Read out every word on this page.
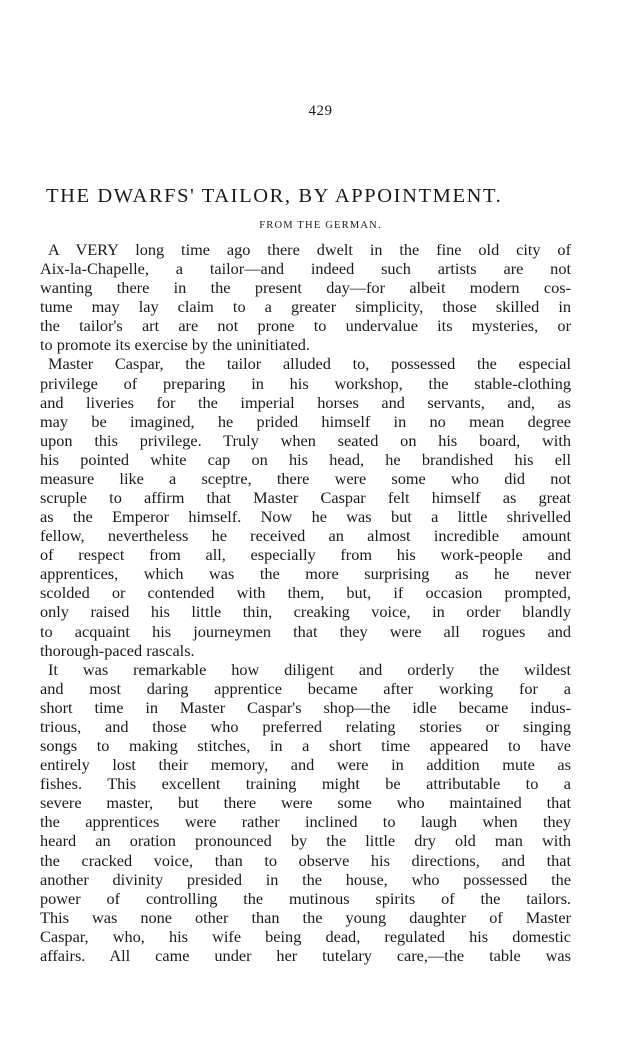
429
THE DWARFS' TAILOR, BY APPOINTMENT.
FROM THE GERMAN.
A VERY long time ago there dwelt in the fine old city of
Aix-la-Chapelle, a tailor—and indeed such artists are not
wanting there in the present day—for albeit modern cos-
tume may lay claim to a greater simplicity, those skilled in
the tailor's art are not prone to undervalue its mysteries, or
to promote its exercise by the uninitiated.
Master Caspar, the tailor alluded to, possessed the especial
privilege of preparing in his workshop, the stable-clothing
and liveries for the imperial horses and servants, and, as
may be imagined, he prided himself in no mean degree
upon this privilege. Truly when seated on his board, with
his pointed white cap on his head, he brandished his ell
measure like a sceptre, there were some who did not
scruple to affirm that Master Caspar felt himself as great
as the Emperor himself. Now he was but a little shrivelled
fellow, nevertheless he received an almost incredible amount
of respect from all, especially from his work-people and
apprentices, which was the more surprising as he never
scolded or contended with them, but, if occasion prompted,
only raised his little thin, creaking voice, in order blandly
to acquaint his journeymen that they were all rogues and
thorough-paced rascals.
It was remarkable how diligent and orderly the wildest
and most daring apprentice became after working for a
short time in Master Caspar's shop—the idle became indus-
trious, and those who preferred relating stories or singing
songs to making stitches, in a short time appeared to have
entirely lost their memory, and were in addition mute as
fishes. This excellent training might be attributable to a
severe master, but there were some who maintained that
the apprentices were rather inclined to laugh when they
heard an oration pronounced by the little dry old man with
the cracked voice, than to observe his directions, and that
another divinity presided in the house, who possessed the
power of controlling the mutinous spirits of the tailors.
This was none other than the young daughter of Master
Caspar, who, his wife being dead, regulated his domestic
affairs. All came under her tutelary care,—the table was
